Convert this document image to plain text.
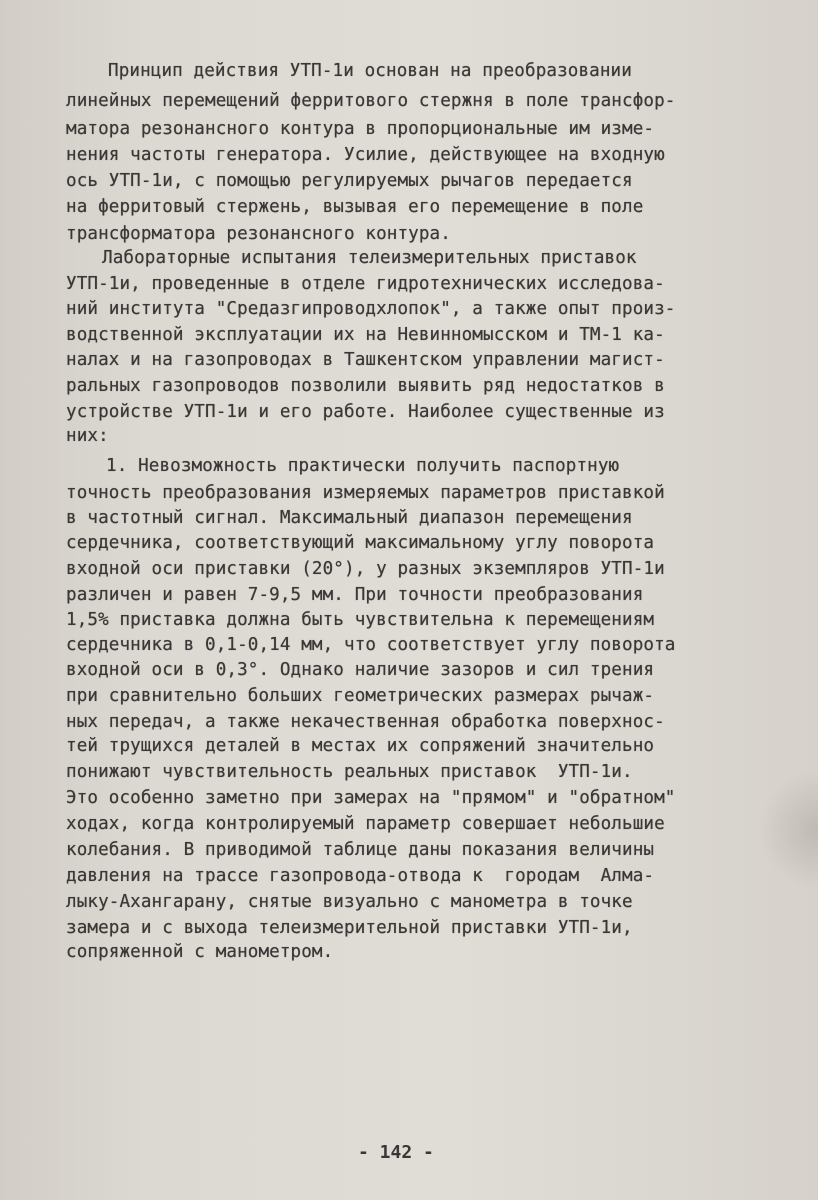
Принцип действия УТП-1и основан на преобразовании
линейных перемещений ферритового стержня в поле трансфор-
матора резонансного контура в пропорциональные им изме-
нения частоты генератора. Усилие, действующее на входную
ось УТП-1и, с помощью регулируемых рычагов передается
на ферритовый стержень, вызывая его перемещение в поле
трансформатора резонансного контура.
Лабораторные испытания телеизмерительных приставок
УТП-1и, проведенные в отделе гидротехнических исследова-
ний института "Средазгипроводхлопок", а также опыт произ-
водственной эксплуатации их на Невинномысском и ТМ-1 ка-
налах и на газопроводах в Ташкентском управлении магист-
ральных газопроводов позволили выявить ряд недостатков в
устройстве УТП-1и и его работе. Наиболее существенные из
них:
1. Невозможность практически получить паспортную
точность преобразования измеряемых параметров приставкой
в частотный сигнал. Максимальный диапазон перемещения
сердечника, соответствующий максимальному углу поворота
входной оси приставки (20°), у разных экземпляров УТП-1и
различен и равен 7-9,5 мм. При точности преобразования
1,5% приставка должна быть чувствительна к перемещениям
сердечника в 0,1-0,14 мм, что соответствует углу поворота
входной оси в 0,3°. Однако наличие зазоров и сил трения
при сравнительно больших геометрических размерах рычаж-
ных передач, а также некачественная обработка поверхнос-
тей трущихся деталей в местах их сопряжений значительно
понижают чувствительность реальных приставок  УТП-1и.
Это особенно заметно при замерах на "прямом" и "обратном"
ходах, когда контролируемый параметр совершает небольшие
колебания. В приводимой таблице даны показания величины
давления на трассе газопровода-отвода к  городам  Алма-
лыку-Ахангарану, снятые визуально с манометра в точке
замера и с выхода телеизмерительной приставки УТП-1и,
сопряженной с манометром.
- 142 -
